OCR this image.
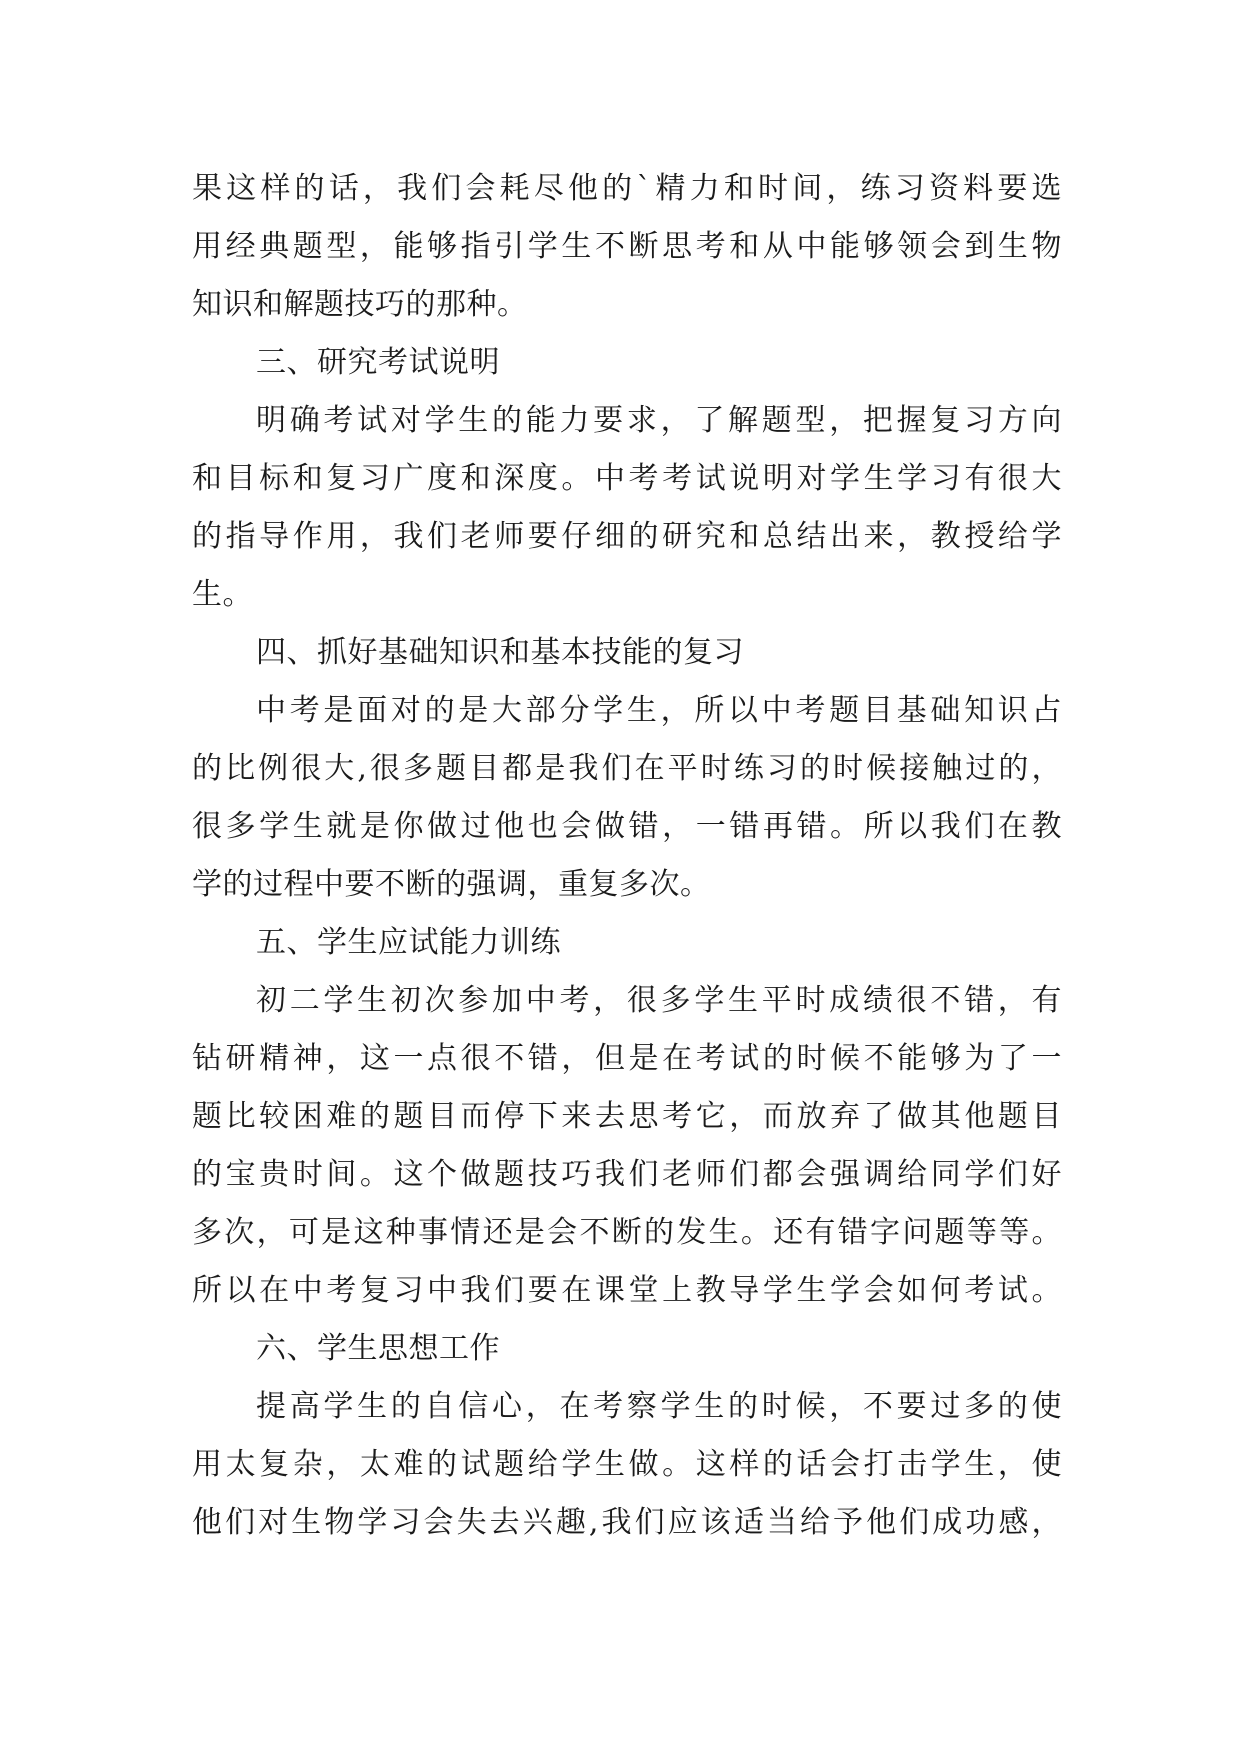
果这样的话，我们会耗尽他的`精力和时间，练习资料要选
用经典题型，能够指引学生不断思考和从中能够领会到生物
知识和解题技巧的那种。
三、研究考试说明
明确考试对学生的能力要求，了解题型，把握复习方向
和目标和复习广度和深度。中考考试说明对学生学习有很大
的指导作用，我们老师要仔细的研究和总结出来，教授给学
生。
四、抓好基础知识和基本技能的复习
中考是面对的是大部分学生，所以中考题目基础知识占
的比例很大,很多题目都是我们在平时练习的时候接触过的，
很多学生就是你做过他也会做错，一错再错。所以我们在教
学的过程中要不断的强调，重复多次。
五、学生应试能力训练
初二学生初次参加中考，很多学生平时成绩很不错，有
钻研精神，这一点很不错，但是在考试的时候不能够为了一
题比较困难的题目而停下来去思考它，而放弃了做其他题目
的宝贵时间。这个做题技巧我们老师们都会强调给同学们好
多次，可是这种事情还是会不断的发生。还有错字问题等等。
所以在中考复习中我们要在课堂上教导学生学会如何考试。
六、学生思想工作
提高学生的自信心，在考察学生的时候，不要过多的使
用太复杂，太难的试题给学生做。这样的话会打击学生，使
他们对生物学习会失去兴趣,我们应该适当给予他们成功感，
